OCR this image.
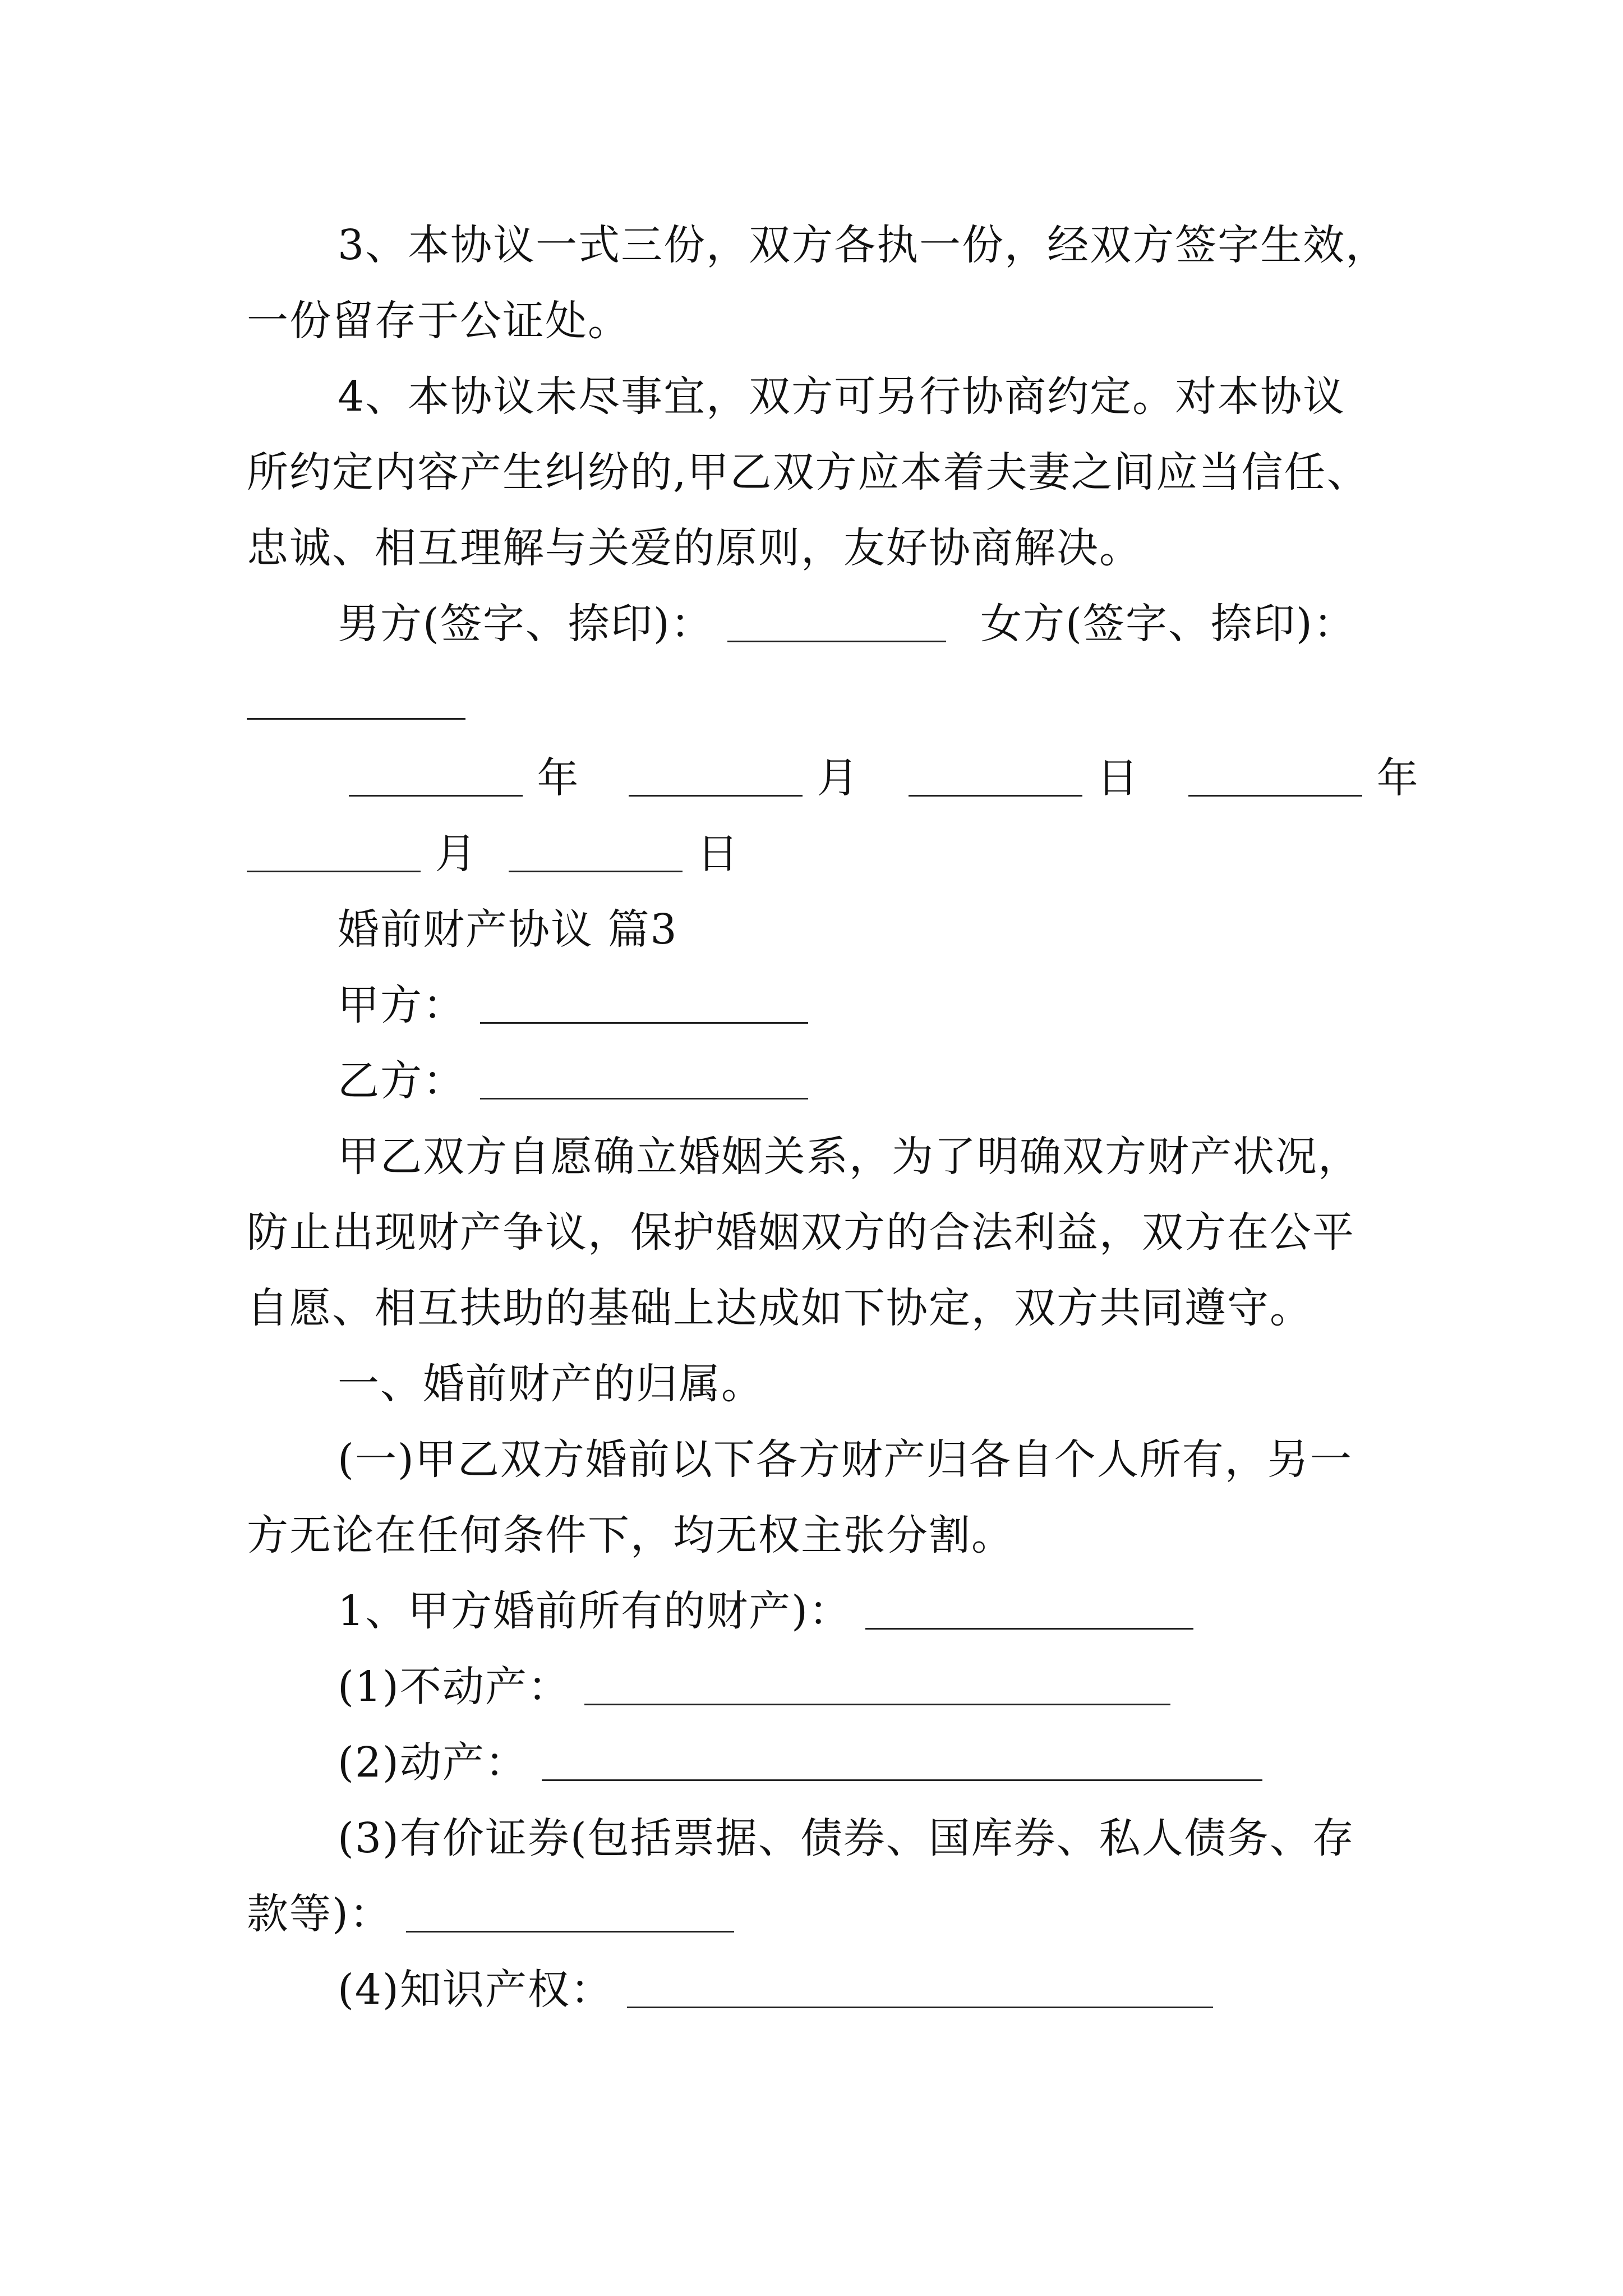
3、本协议一式三份，双方各执一份，经双方签字生效，
一份留存于公证处。
4、本协议未尽事宜，双方可另行协商约定。对本协议
所约定内容产生纠纷的,甲乙双方应本着夫妻之间应当信任、
忠诚、相互理解与关爱的原则，友好协商解决。
男方(签字、捺印)：	女方(签字、捺印)：
年	月	日	年
月	日
婚前财产协议 篇3
甲方：
乙方：
甲乙双方自愿确立婚姻关系，为了明确双方财产状况，
防止出现财产争议，保护婚姻双方的合法利益，双方在公平
自愿、相互扶助的基础上达成如下协定，双方共同遵守。
一、婚前财产的归属。
(一)甲乙双方婚前以下各方财产归各自个人所有，另一
方无论在任何条件下，均无权主张分割。
1、甲方婚前所有的财产)：
(1)不动产：
(2)动产：
(3)有价证券(包括票据、债券、国库券、私人债务、存
款等)：
(4)知识产权：
